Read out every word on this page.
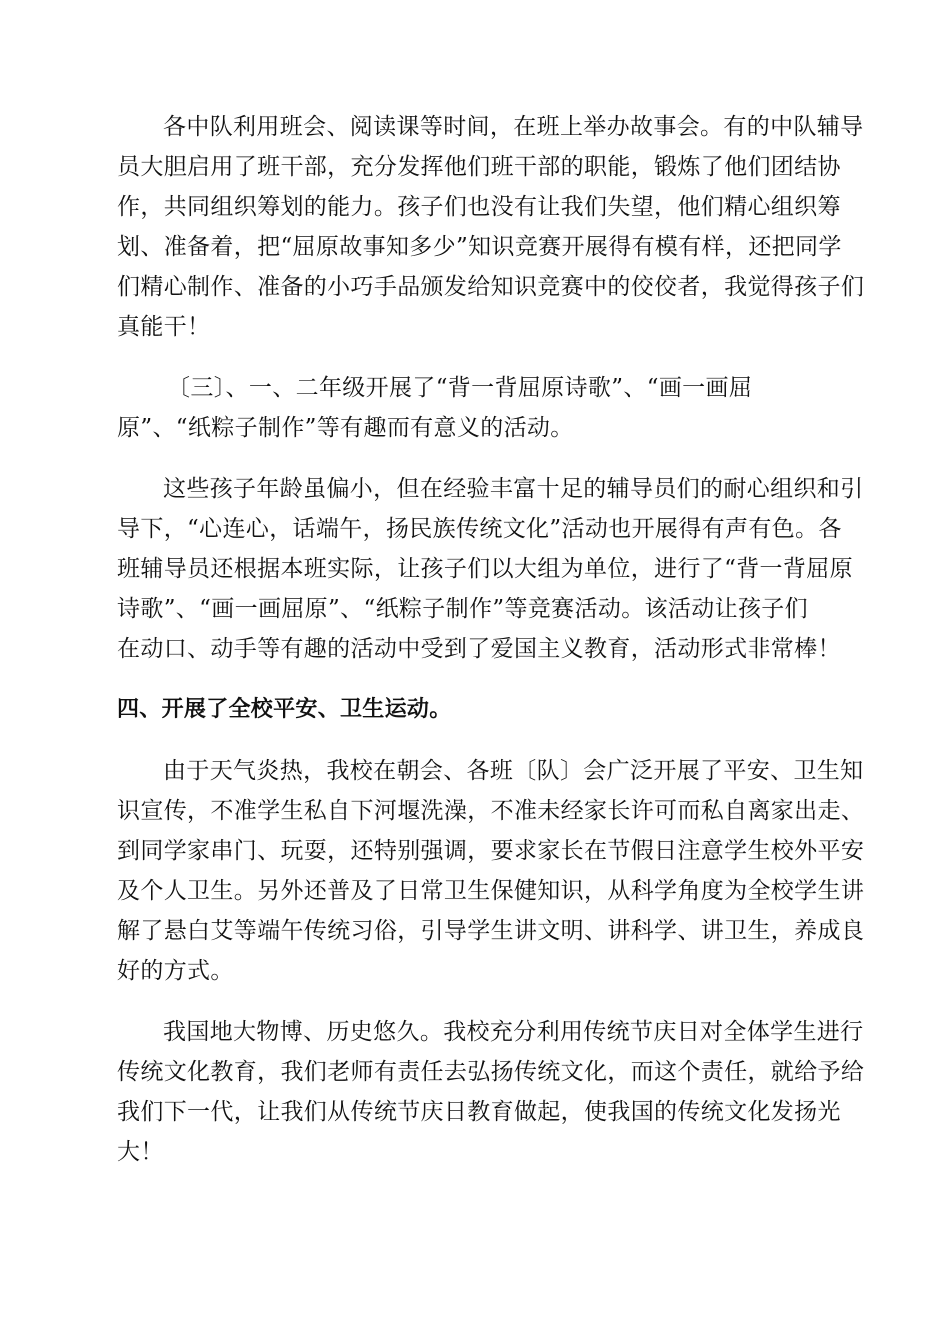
各中队利用班会、阅读课等时间，在班上举办故事会。有的中队辅导
员大胆启用了班干部，充分发挥他们班干部的职能，锻炼了他们团结协
作，共同组织筹划的能力。孩子们也没有让我们失望，他们精心组织筹
划、准备着，把“屈原故事知多少”知识竞赛开展得有模有样，还把同学
们精心制作、准备的小巧手品颁发给知识竞赛中的佼佼者，我觉得孩子们
真能干！
〔三〕、一、二年级开展了“背一背屈原诗歌”、“画一画屈
原”、“纸粽子制作”等有趣而有意义的活动。
这些孩子年龄虽偏小，但在经验丰富十足的辅导员们的耐心组织和引
导下，“心连心，话端午，扬民族传统文化”活动也开展得有声有色。各
班辅导员还根据本班实际，让孩子们以大组为单位，进行了“背一背屈原
诗歌”、“画一画屈原”、“纸粽子制作”等竞赛活动。该活动让孩子们
在动口、动手等有趣的活动中受到了爱国主义教育，活动形式非常棒！
四、开展了全校平安、卫生运动。
由于天气炎热，我校在朝会、各班〔队〕会广泛开展了平安、卫生知
识宣传，不准学生私自下河堰洗澡，不准未经家长许可而私自离家出走、
到同学家串门、玩耍，还特别强调，要求家长在节假日注意学生校外平安
及个人卫生。另外还普及了日常卫生保健知识，从科学角度为全校学生讲
解了悬白艾等端午传统习俗，引导学生讲文明、讲科学、讲卫生，养成良
好的方式。
我国地大物博、历史悠久。我校充分利用传统节庆日对全体学生进行
传统文化教育，我们老师有责任去弘扬传统文化，而这个责任，就给予给
我们下一代，让我们从传统节庆日教育做起，使我国的传统文化发扬光
大！
